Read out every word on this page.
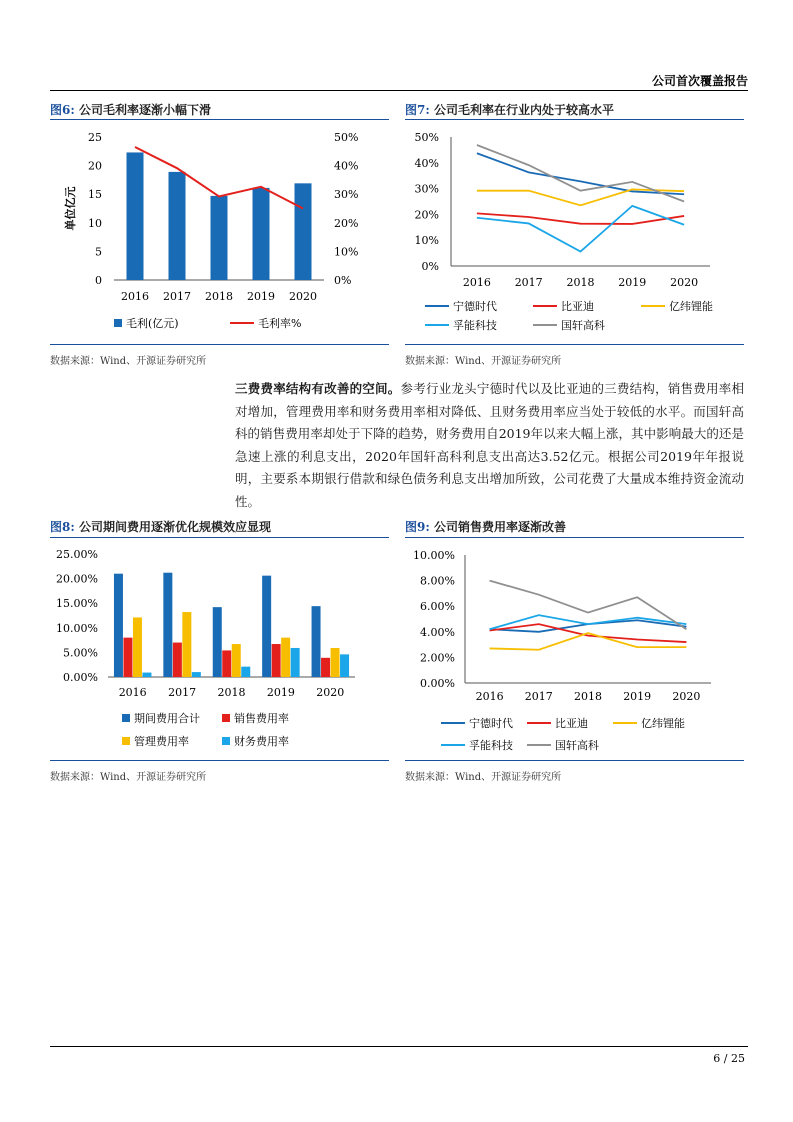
公司首次覆盖报告
图6: 公司毛利率逐渐小幅下滑
0
5
10
15
20
25
0%
10%
20%
30%
40%
50%
单位亿元
2016 2017 2018 2019 2020
毛利(亿元)	毛利率%
数据来源：Wind、开源证券研究所
图7: 公司毛利率在行业内处于较高水平
0%
10%
20%
30%
40%
50%
2016 2017 2018 2019 2020
宁德时代	比亚迪	亿纬锂能
孚能科技	国轩高科
数据来源：Wind、开源证券研究所
三费费率结构有改善的空间。参考行业龙头宁德时代以及比亚迪的三费结构，销售费用率相对增加，管理费用率和财务费用率相对降低、且财务费用率应当处于较低的水平。而国轩高科的销售费用率却处于下降的趋势，财务费用自2019年以来大幅上涨，其中影响最大的还是急速上涨的利息支出，2020年国轩高科利息支出高达3.52亿元。根据公司2019年年报说明，主要系本期银行借款和绿色债务利息支出增加所致，公司花费了大量成本维持资金流动性。
图8: 公司期间费用逐渐优化规模效应显现
0.00%
5.00%
10.00%
15.00%
20.00%
25.00%
2016 2017 2018 2019 2020
期间费用合计	销售费用率
管理费用率	财务费用率
数据来源：Wind、开源证券研究所
图9: 公司销售费用率逐渐改善
0.00%
2.00%
4.00%
6.00%
8.00%
10.00%
2016 2017 2018 2019 2020
宁德时代	比亚迪	亿纬锂能
孚能科技	国轩高科
数据来源：Wind、开源证券研究所
6 / 25
